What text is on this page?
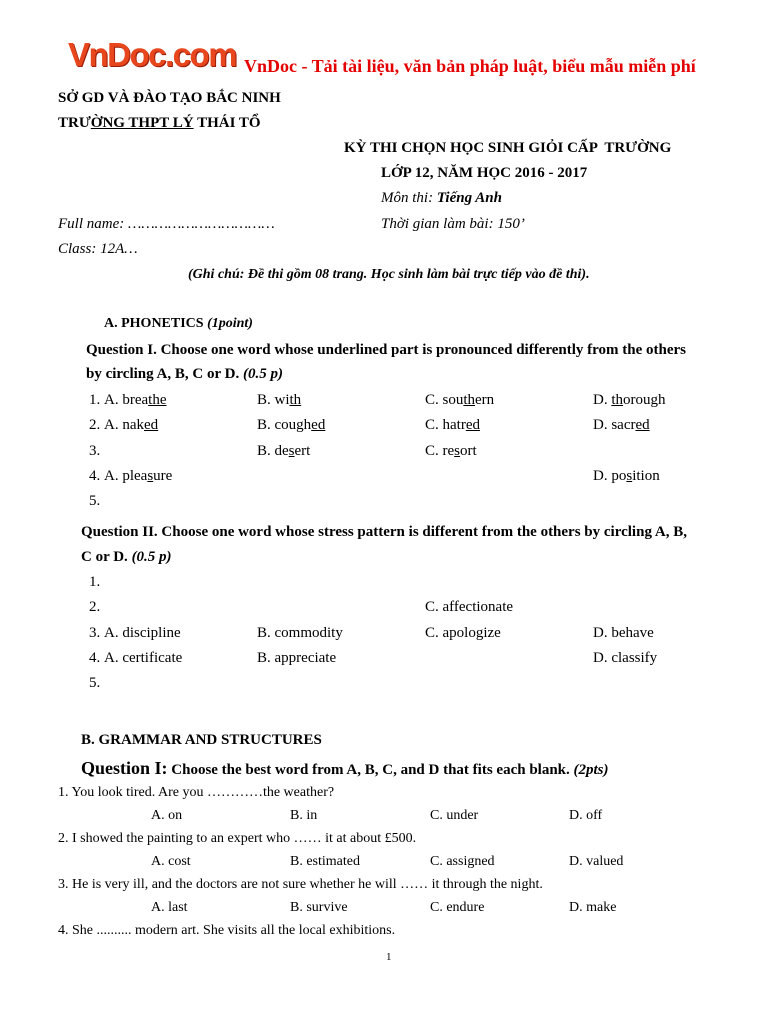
VnDoc.com VnDoc - Tải tài liệu, văn bản pháp luật, biểu mẫu miễn phí
SỞ GD VÀ ĐÀO TẠO BẮC NINH
TRƯỜNG THPT LÝ THÁI TỔ
KỲ THI CHỌN HỌC SINH GIỎI CẤP  TRƯỜNG
LỚP 12, NĂM HỌC 2016 - 2017
Môn thi: Tiếng Anh
Full name: ……………………………	Thời gian làm bài: 150’
Class: 12A…
(Ghi chú: Đề thi gồm 08 trang. Học sinh làm bài trực tiếp vào đề thi).
A. PHONETICS (1point)
Question I. Choose one word whose underlined part is pronounced differently from the others
by circling A, B, C or D. (0.5 p)
1. A. breathe	B. with	C. southern	D. thorough
2. A. naked	B. coughed	C. hatred	D. sacred
3.	B. desert	C. resort
4. A. pleasure	D. position
5.
Question II. Choose one word whose stress pattern is different from the others by circling A, B,
C or D. (0.5 p)
1.
2.	C. affectionate
3. A. discipline	B. commodity	C. apologize	D. behave
4. A. certificate	B. appreciate	D. classify
5.
B. GRAMMAR AND STRUCTURES
Question I: Choose the best word from A, B, C, and D that fits each blank. (2pts)
1. You look tired. Are you …………the weather?
A. on	B. in	C. under	D. off
2. I showed the painting to an expert who …… it at about £500.
A. cost	B. estimated	C. assigned	D. valued
3. He is very ill, and the doctors are not sure whether he will …… it through the night.
A. last	B. survive	C. endure	D. make
4. She .......... modern art. She visits all the local exhibitions.
1
